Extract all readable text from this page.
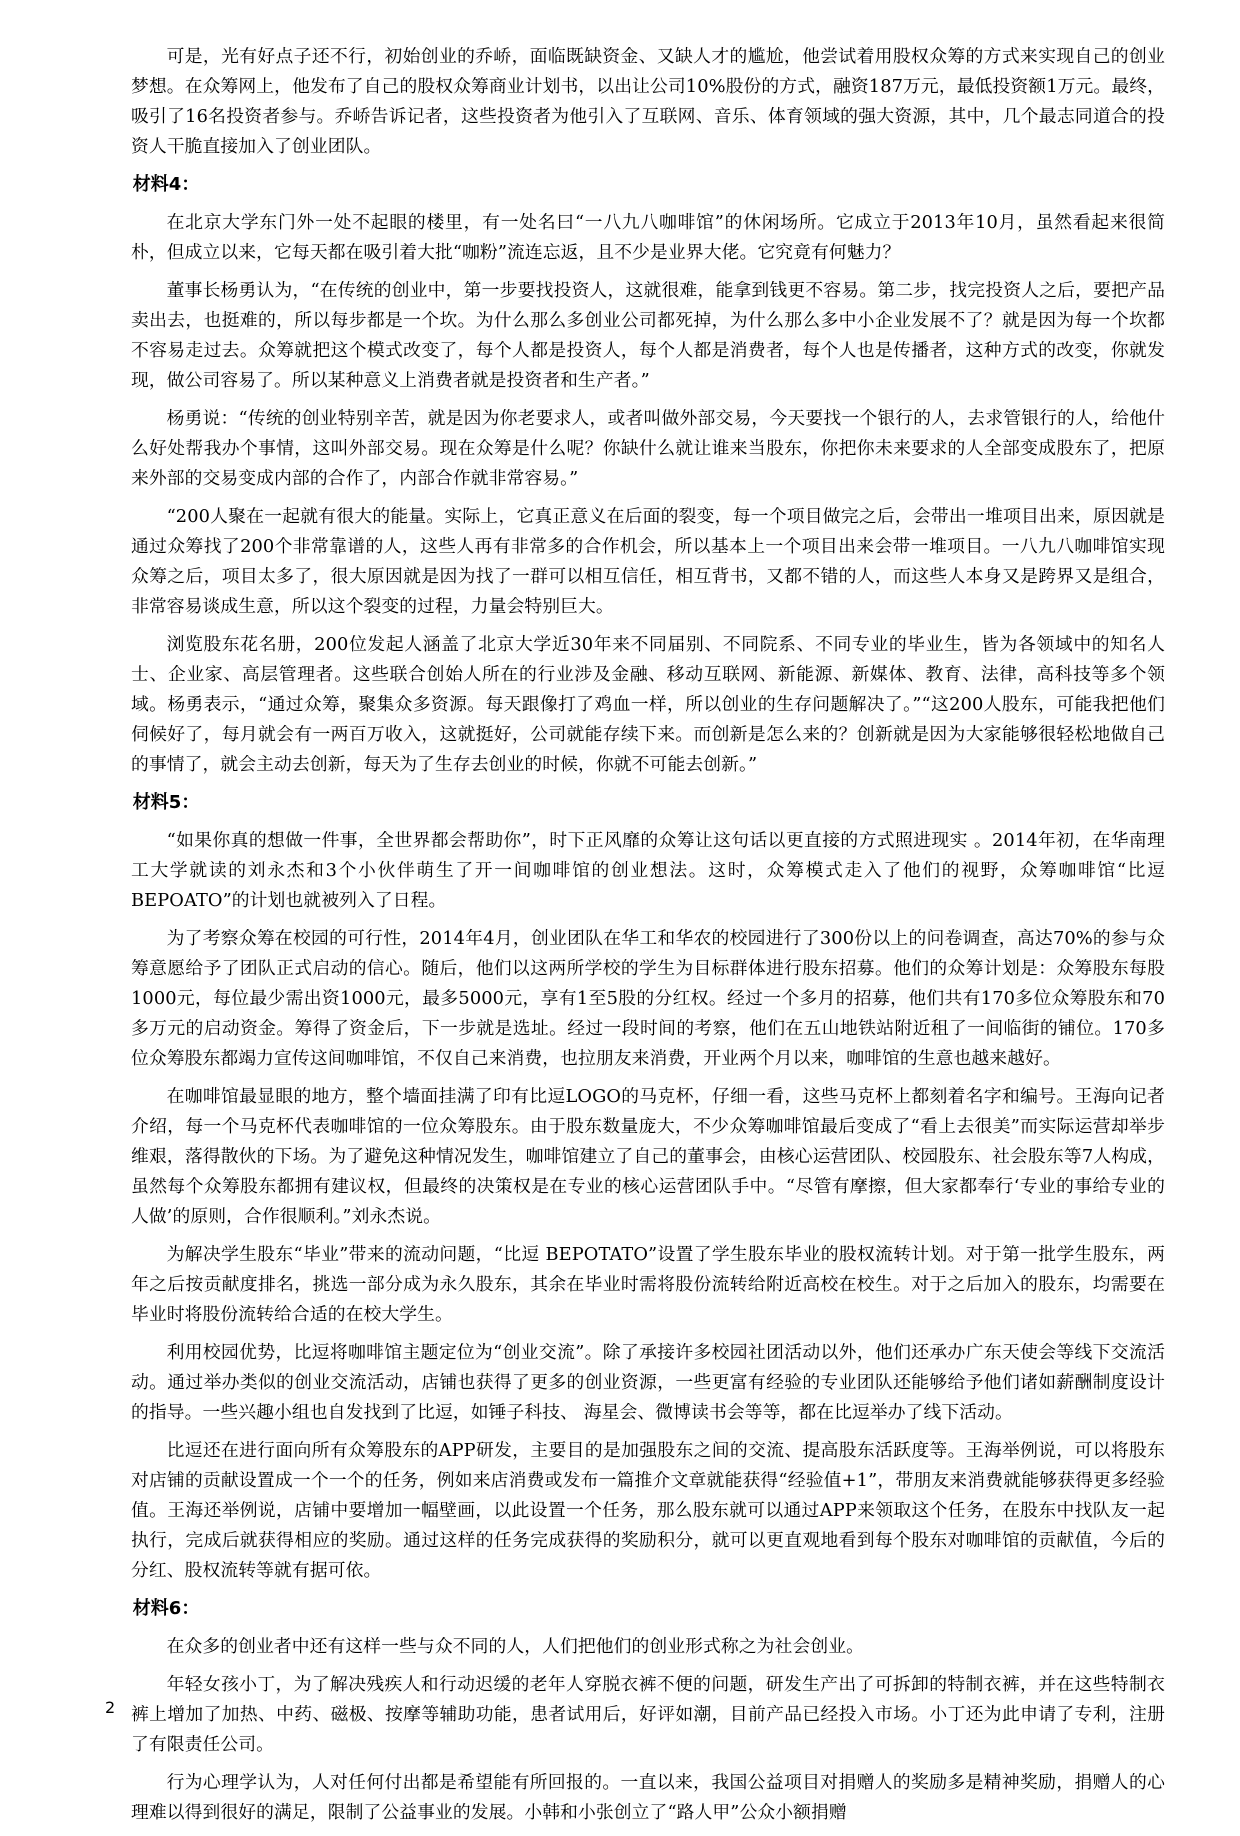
可是，光有好点子还不行，初始创业的乔峤，面临既缺资金、又缺人才的尴尬，他尝试着用股权众筹的方式来实现自己的创业梦想。在众筹网上，他发布了自己的股权众筹商业计划书，以出让公司10%股份的方式，融资187万元，最低投资额1万元。最终，吸引了16名投资者参与。乔峤告诉记者，这些投资者为他引入了互联网、音乐、体育领域的强大资源，其中，几个最志同道合的投资人干脆直接加入了创业团队。

材料4：

在北京大学东门外一处不起眼的楼里，有一处名曰“一八九八咖啡馆”的休闲场所。它成立于2013年10月，虽然看起来很简朴，但成立以来，它每天都在吸引着大批“咖粉”流连忘返，且不少是业界大佬。它究竟有何魅力？

董事长杨勇认为，“在传统的创业中，第一步要找投资人，这就很难，能拿到钱更不容易。第二步，找完投资人之后，要把产品卖出去，也挺难的，所以每步都是一个坎。为什么那么多创业公司都死掉，为什么那么多中小企业发展不了？就是因为每一个坎都不容易走过去。众筹就把这个模式改变了，每个人都是投资人，每个人都是消费者，每个人也是传播者，这种方式的改变，你就发现，做公司容易了。所以某种意义上消费者就是投资者和生产者。”

杨勇说：“传统的创业特别辛苦，就是因为你老要求人，或者叫做外部交易，今天要找一个银行的人，去求管银行的人，给他什么好处帮我办个事情，这叫外部交易。现在众筹是什么呢？你缺什么就让谁来当股东，你把你未来要求的人全部变成股东了，把原来外部的交易变成内部的合作了，内部合作就非常容易。”

“200人聚在一起就有很大的能量。实际上，它真正意义在后面的裂变，每一个项目做完之后，会带出一堆项目出来，原因就是通过众筹找了200个非常靠谱的人，这些人再有非常多的合作机会，所以基本上一个项目出来会带一堆项目。一八九八咖啡馆实现众筹之后，项目太多了，很大原因就是因为找了一群可以相互信任，相互背书，又都不错的人，而这些人本身又是跨界又是组合，非常容易谈成生意，所以这个裂变的过程，力量会特别巨大。

浏览股东花名册，200位发起人涵盖了北京大学近30年来不同届别、不同院系、不同专业的毕业生，皆为各领域中的知名人士、企业家、高层管理者。这些联合创始人所在的行业涉及金融、移动互联网、新能源、新媒体、教育、法律，高科技等多个领域。杨勇表示，“通过众筹，聚集众多资源。每天跟像打了鸡血一样，所以创业的生存问题解决了。”“这200人股东，可能我把他们伺候好了，每月就会有一两百万收入，这就挺好，公司就能存续下来。而创新是怎么来的？创新就是因为大家能够很轻松地做自己的事情了，就会主动去创新，每天为了生存去创业的时候，你就不可能去创新。”

材料5：

“如果你真的想做一件事，全世界都会帮助你”，时下正风靡的众筹让这句话以更直接的方式照进现实 。2014年初，在华南理工大学就读的刘永杰和3个小伙伴萌生了开一间咖啡馆的创业想法。这时，众筹模式走入了他们的视野，众筹咖啡馆“比逗BEPOATO”的计划也就被列入了日程。

为了考察众筹在校园的可行性，2014年4月，创业团队在华工和华农的校园进行了300份以上的问卷调查，高达70%的参与众筹意愿给予了团队正式启动的信心。随后，他们以这两所学校的学生为目标群体进行股东招募。他们的众筹计划是：众筹股东每股1000元，每位最少需出资1000元，最多5000元，享有1至5股的分红权。经过一个多月的招募，他们共有170多位众筹股东和70多万元的启动资金。筹得了资金后，下一步就是选址。经过一段时间的考察，他们在五山地铁站附近租了一间临街的铺位。170多位众筹股东都竭力宣传这间咖啡馆，不仅自己来消费，也拉朋友来消费，开业两个月以来，咖啡馆的生意也越来越好。

在咖啡馆最显眼的地方，整个墙面挂满了印有比逗LOGO的马克杯，仔细一看，这些马克杯上都刻着名字和编号。王海向记者介绍，每一个马克杯代表咖啡馆的一位众筹股东。由于股东数量庞大，不少众筹咖啡馆最后变成了“看上去很美”而实际运营却举步维艰，落得散伙的下场。为了避免这种情况发生，咖啡馆建立了自己的董事会，由核心运营团队、校园股东、社会股东等7人构成，虽然每个众筹股东都拥有建议权，但最终的决策权是在专业的核心运营团队手中。“尽管有摩擦，但大家都奉行‘专业的事给专业的人做’的原则，合作很顺利。”刘永杰说。

为解决学生股东“毕业”带来的流动问题，“比逗 BEPOTATO”设置了学生股东毕业的股权流转计划。对于第一批学生股东，两年之后按贡献度排名，挑选一部分成为永久股东，其余在毕业时需将股份流转给附近高校在校生。对于之后加入的股东，均需要在毕业时将股份流转给合适的在校大学生。

利用校园优势，比逗将咖啡馆主题定位为“创业交流”。除了承接许多校园社团活动以外，他们还承办广东天使会等线下交流活动。通过举办类似的创业交流活动，店铺也获得了更多的创业资源，一些更富有经验的专业团队还能够给予他们诸如薪酬制度设计的指导。一些兴趣小组也自发找到了比逗，如锤子科技、 海星会、微博读书会等等，都在比逗举办了线下活动。

比逗还在进行面向所有众筹股东的APP研发，主要目的是加强股东之间的交流、提高股东活跃度等。王海举例说，可以将股东对店铺的贡献设置成一个一个的任务，例如来店消费或发布一篇推介文章就能获得“经验值+1”，带朋友来消费就能够获得更多经验值。王海还举例说，店铺中要增加一幅壁画，以此设置一个任务，那么股东就可以通过APP来领取这个任务，在股东中找队友一起执行，完成后就获得相应的奖励。通过这样的任务完成获得的奖励积分，就可以更直观地看到每个股东对咖啡馆的贡献值，今后的分红、股权流转等就有据可依。

材料6：

在众多的创业者中还有这样一些与众不同的人，人们把他们的创业形式称之为社会创业。

年轻女孩小丁，为了解决残疾人和行动迟缓的老年人穿脱衣裤不便的问题，研发生产出了可拆卸的特制衣裤，并在这些特制衣裤上增加了加热、中药、磁极、按摩等辅助功能，患者试用后，好评如潮，目前产品已经投入市场。小丁还为此申请了专利，注册了有限责任公司。

行为心理学认为，人对任何付出都是希望能有所回报的。一直以来，我国公益项目对捐赠人的奖励多是精神奖励，捐赠人的心理难以得到很好的满足，限制了公益事业的发展。小韩和小张创立了“路人甲”公众小额捐赠

2
